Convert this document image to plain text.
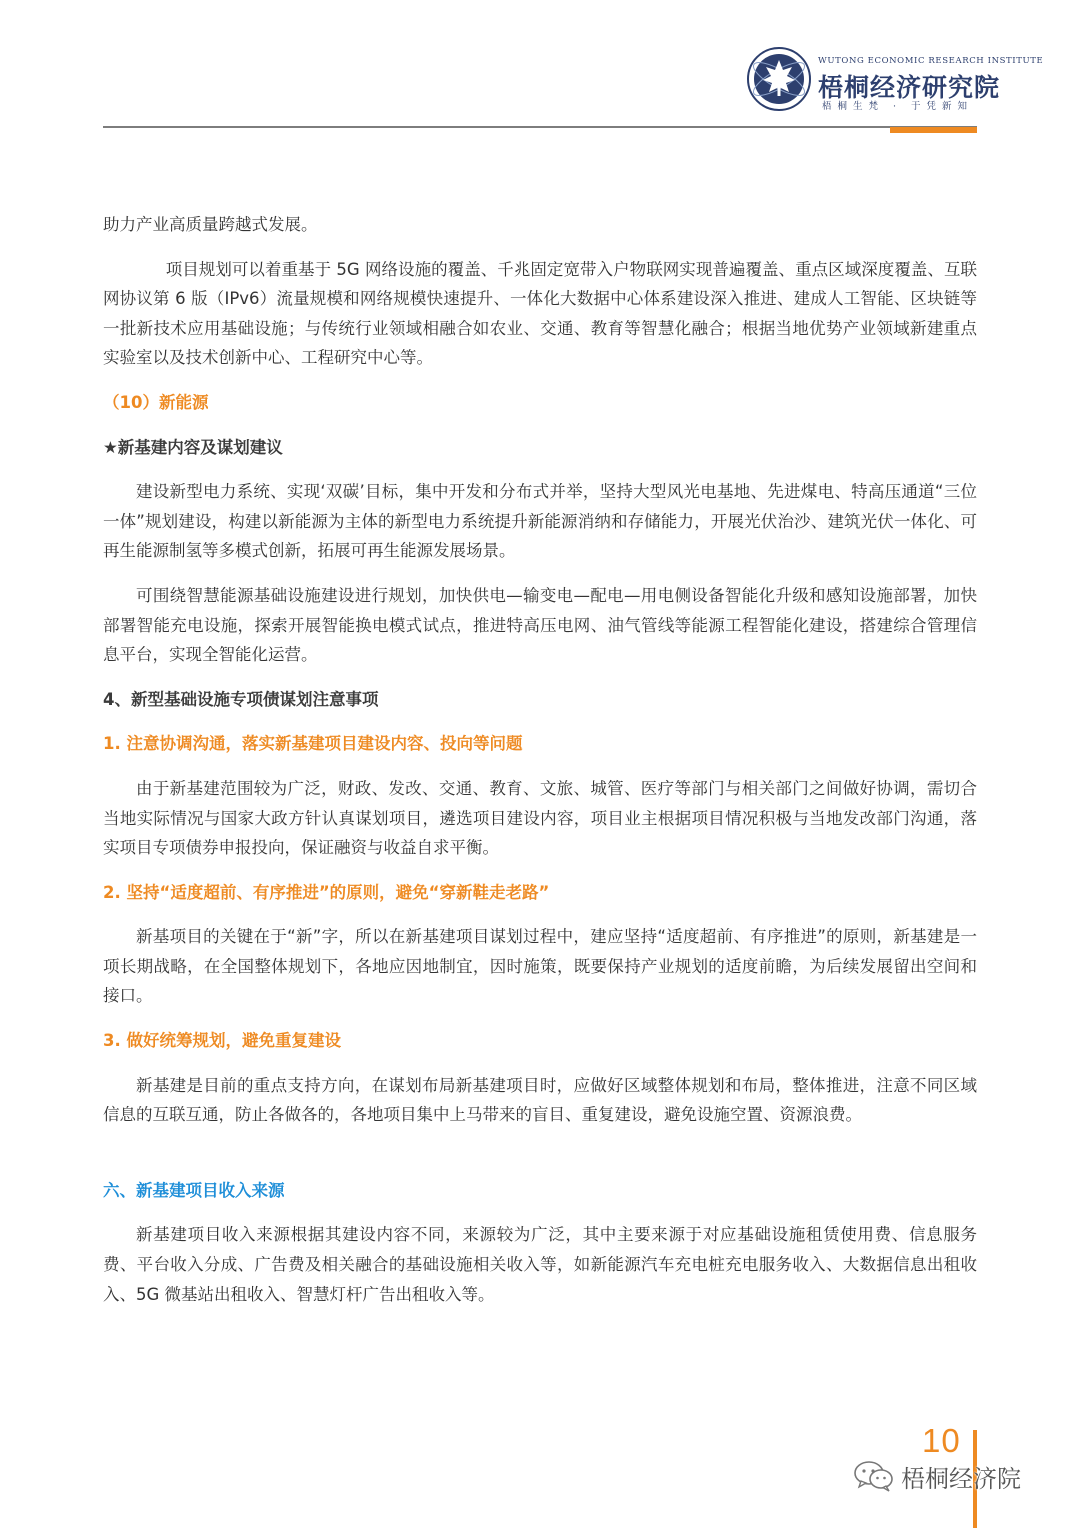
WUTONG ECONOMIC RESEARCH INSTITUTE
梧桐经济研究院
梧桐生梵 · 于凭新知

助力产业高质量跨越式发展。

项目规划可以着重基于 5G 网络设施的覆盖、千兆固定宽带入户物联网实现普遍覆盖、重点区域深度覆盖、互联网协议第 6 版（IPv6）流量规模和网络规模快速提升、一体化大数据中心体系建设深入推进、建成人工智能、区块链等一批新技术应用基础设施；与传统行业领域相融合如农业、交通、教育等智慧化融合；根据当地优势产业领域新建重点实验室以及技术创新中心、工程研究中心等。

（10）新能源
★新基建内容及谋划建议

建设新型电力系统、实现‘双碳’目标，集中开发和分布式并举，坚持大型风光电基地、先进煤电、特高压通道“三位一体”规划建设，构建以新能源为主体的新型电力系统提升新能源消纳和存储能力，开展光伏治沙、建筑光伏一体化、可再生能源制氢等多模式创新，拓展可再生能源发展场景。

可围绕智慧能源基础设施建设进行规划，加快供电—输变电—配电—用电侧设备智能化升级和感知设施部署，加快部署智能充电设施，探索开展智能换电模式试点，推进特高压电网、油气管线等能源工程智能化建设，搭建综合管理信息平台，实现全智能化运营。

4、新型基础设施专项债谋划注意事项
1. 注意协调沟通，落实新基建项目建设内容、投向等问题

由于新基建范围较为广泛，财政、发改、交通、教育、文旅、城管、医疗等部门与相关部门之间做好协调，需切合当地实际情况与国家大政方针认真谋划项目，遴选项目建设内容，项目业主根据项目情况积极与当地发改部门沟通，落实项目专项债券申报投向，保证融资与收益自求平衡。

2. 坚持“适度超前、有序推进”的原则，避免“穿新鞋走老路”

新基项目的关键在于“新”字，所以在新基建项目谋划过程中，建应坚持“适度超前、有序推进”的原则，新基建是一项长期战略，在全国整体规划下，各地应因地制宜，因时施策，既要保持产业规划的适度前瞻，为后续发展留出空间和接口。

3. 做好统筹规划，避免重复建设

新基建是目前的重点支持方向，在谋划布局新基建项目时，应做好区域整体规划和布局，整体推进，注意不同区域信息的互联互通，防止各做各的，各地项目集中上马带来的盲目、重复建设，避免设施空置、资源浪费。

六、新基建项目收入来源

新基建项目收入来源根据其建设内容不同，来源较为广泛，其中主要来源于对应基础设施租赁使用费、信息服务费、平台收入分成、广告费及相关融合的基础设施相关收入等，如新能源汽车充电桩充电服务收入、大数据信息出租收入、5G 微基站出租收入、智慧灯杆广告出租收入等。

10
梧桐经济院
